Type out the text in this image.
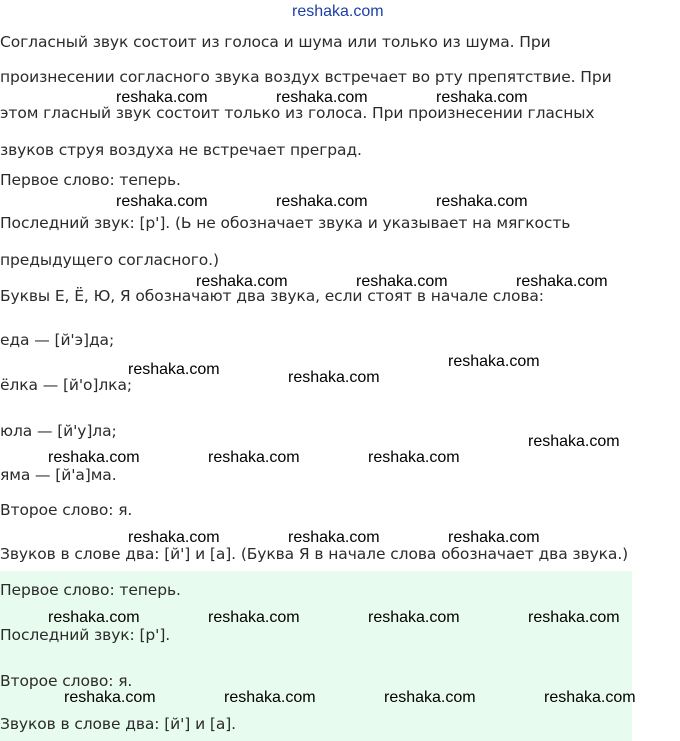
reshaka.com
Согласный звук состоит из голоса и шума или только из шума. При
произнесении согласного звука воздух встречает во рту препятствие. При
этом гласный звук состоит только из голоса. При произнесении гласных
звуков струя воздуха не встречает преград.
Первое слово: теперь.
Последний звук: [р']. (Ь не обозначает звука и указывает на мягкость
предыдущего согласного.)
Буквы Е, Ё, Ю, Я обозначают два звука, если стоят в начале слова:
еда — [й'э]да;
ёлка — [й'о]лка;
юла — [й'у]ла;
яма — [й'а]ма.
Второе слово: я.
Звуков в слове два: [й'] и [а]. (Буква Я в начале слова обозначает два звука.)
Первое слово: теперь.
Последний звук: [р'].
Второе слово: я.
Звуков в слове два: [й'] и [а].
reshaka.com	reshaka.com	reshaka.com
reshaka.com	reshaka.com	reshaka.com
reshaka.com	reshaka.com	reshaka.com
reshaka.com
reshaka.com	reshaka.com
reshaka.com
reshaka.com	reshaka.com	reshaka.com
reshaka.com	reshaka.com	reshaka.com
reshaka.com	reshaka.com	reshaka.com	reshaka.com
reshaka.com	reshaka.com	reshaka.com	reshaka.com
